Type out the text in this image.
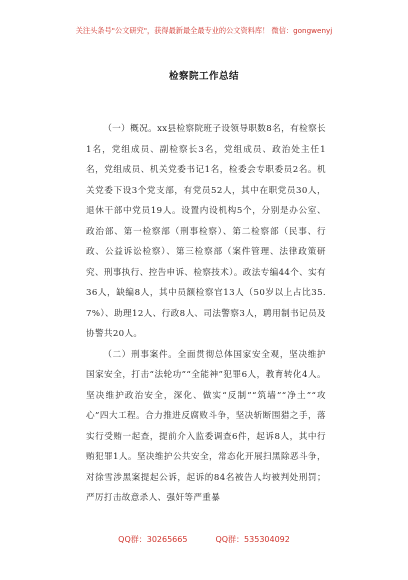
关注头条号"公文研究"，获得最新最全最专业的公文资料库！ 微信：gongwenyj
检察院工作总结

（一）概况。xx县检察院班子设领导职数8名，有检察长1名，党组成员、副检察长3名，党组成员、政治处主任1名，党组成员、机关党委书记1名，检委会专职委员2名。机关党委下设3个党支部，有党员52人，其中在职党员30人，退休干部中党员19人。设置内设机构5个，分别是办公室、政治部、第一检察部（刑事检察）、第二检察部（民事、行政、公益诉讼检察）、第三检察部（案件管理、法律政策研究、刑事执行、控告申诉、检察技术）。政法专编44个、实有36人，缺编8人，其中员额检察官13人（50岁以上占比35.7%）、助理12人、行政8人、司法警察3人，聘用制书记员及协警共20人。

（二）刑事案件。全面贯彻总体国家安全观，坚决维护国家安全，打击“法轮功”“全能神”犯罪6人，教育转化4人。坚决维护政治安全，深化、做实“反制”“筑墙”“净土”“攻心”四大工程。合力推进反腐败斗争，坚决斩断围猎之手，落实行受贿一起查，提前介入监委调查6件，起诉8人，其中行贿犯罪1人。坚决维护公共安全，常态化开展扫黑除恶斗争，对徐雪涉黑案提起公诉，起诉的84名被告人均被判处刑罚；严厉打击故意杀人、强奸等严重暴

QQ群：30265665	QQ群：535304092
